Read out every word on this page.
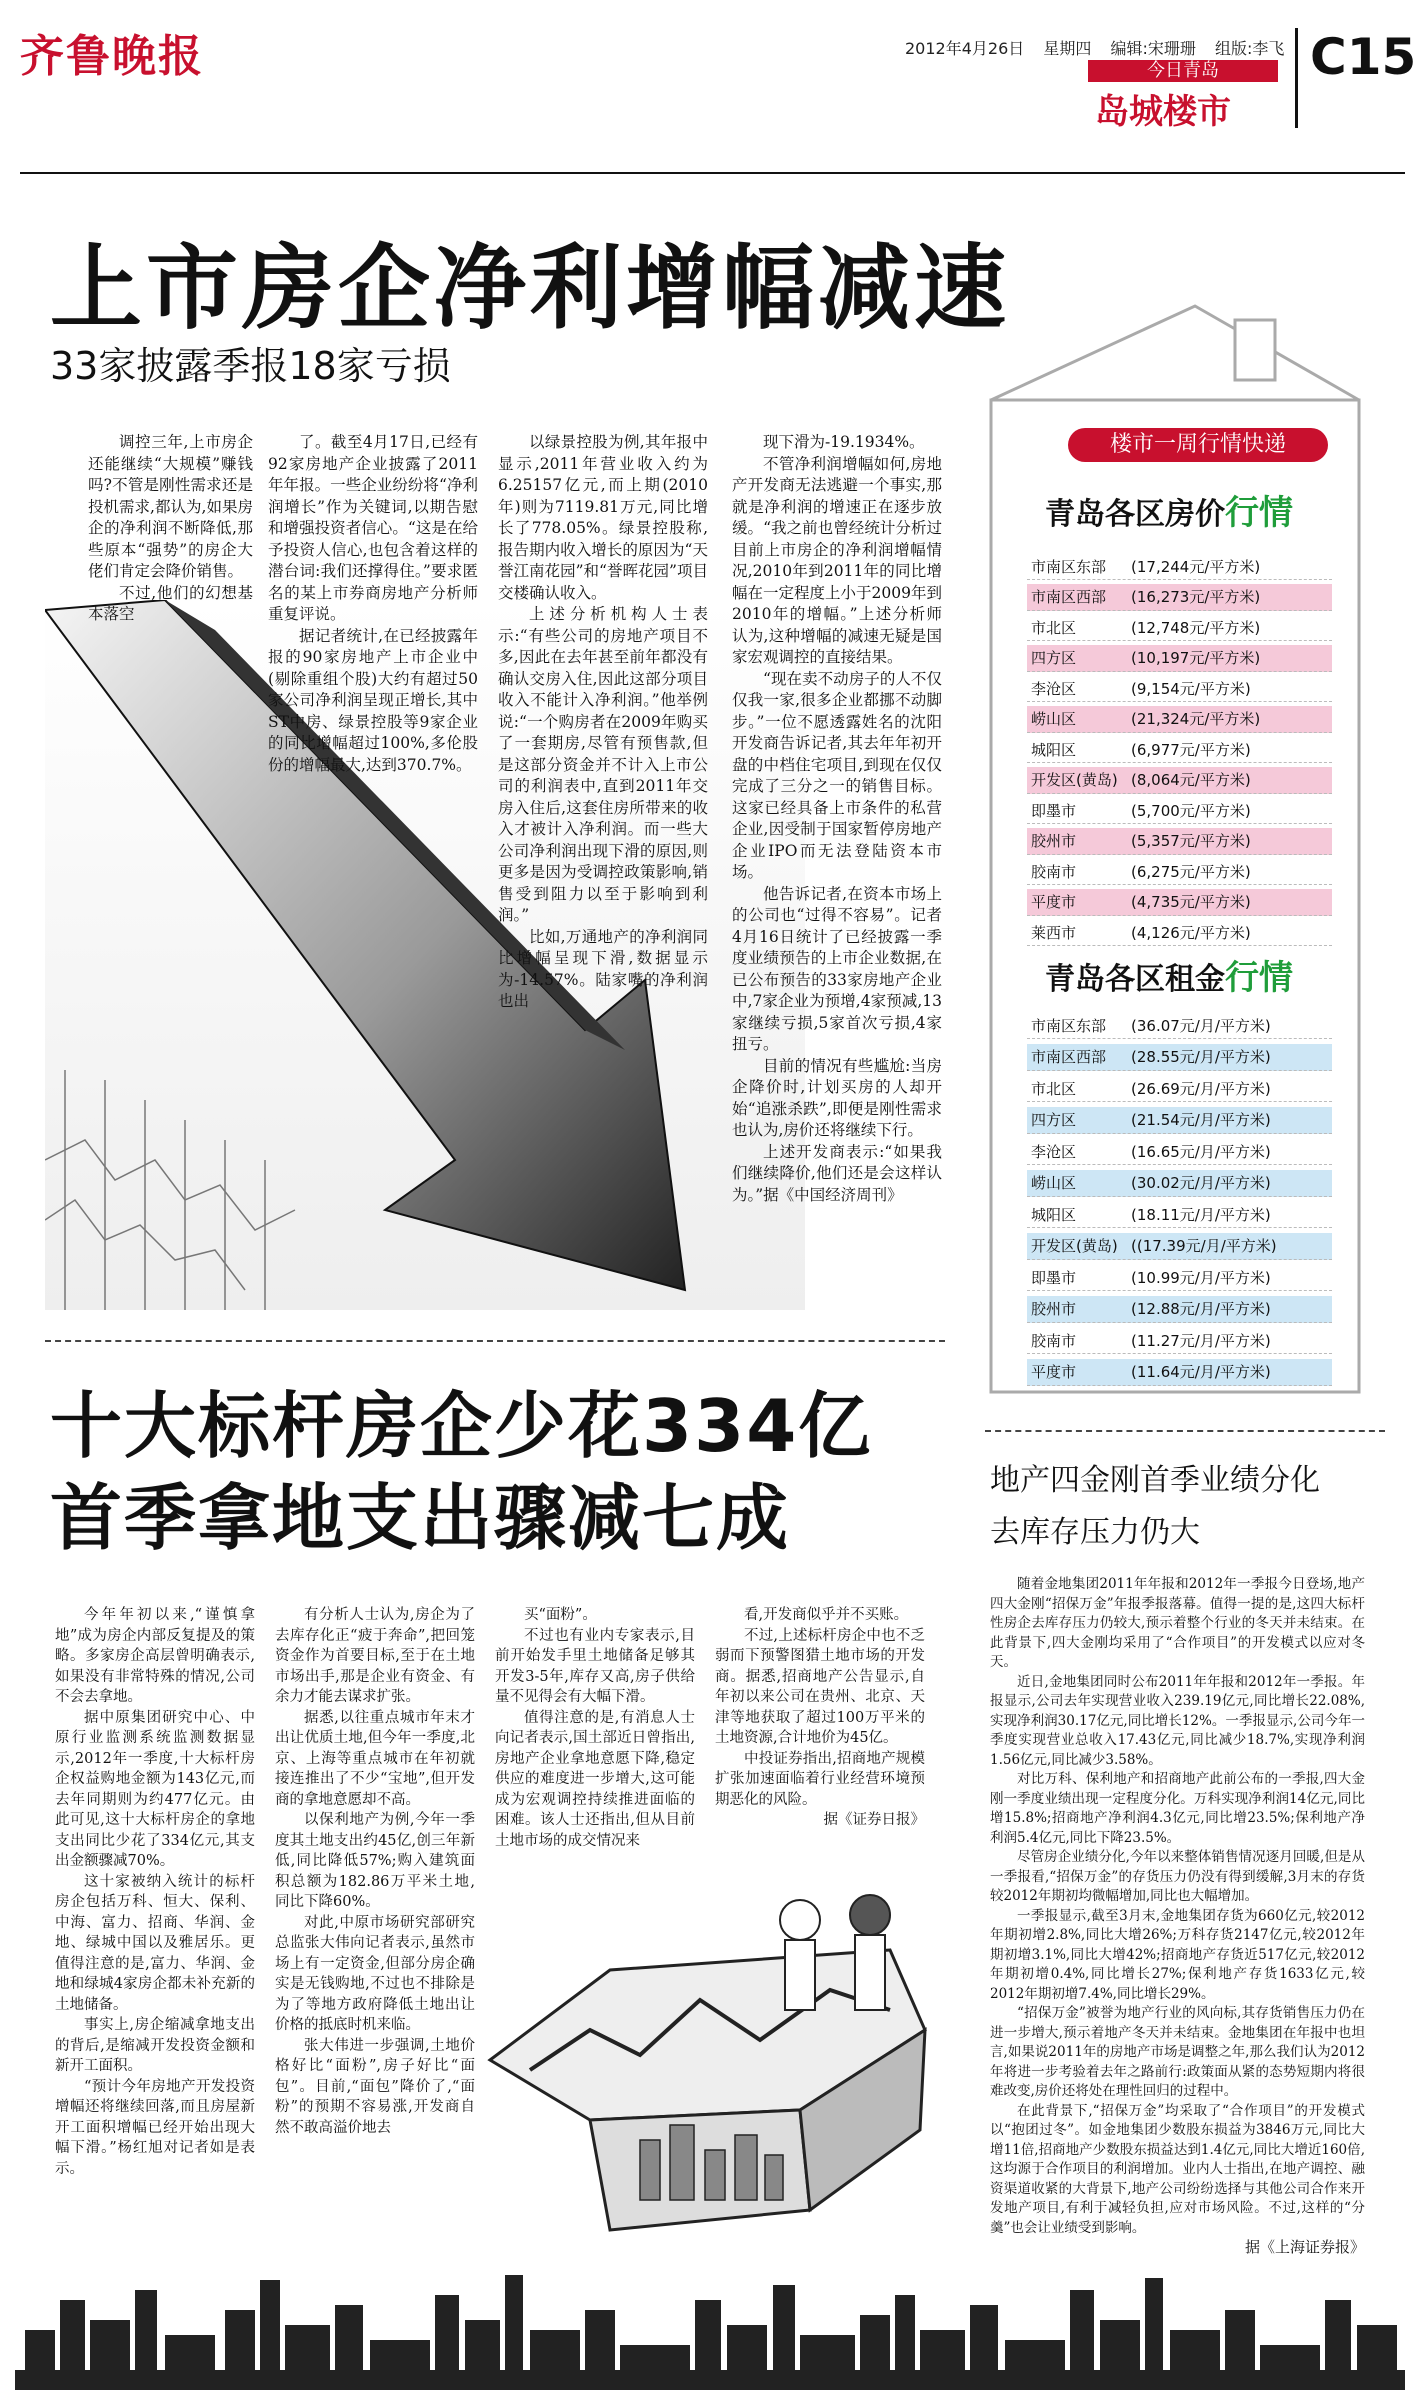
齐鲁晚报	2012年4月26日 星期四 编辑:宋珊珊 组版:李飞
今日青岛
岛城楼市
C15
上市房企净利增幅减速
33家披露季报18家亏损

调控三年,上市房企还能继续“大规模”赚钱吗?不管是刚性需求还是投机需求,都认为,如果房企的净利润不断降低,那些原本“强势”的房企大佬们肯定会降价销售。

不过,他们的幻想基本落空

了。截至4月17日,已经有92家房地产企业披露了2011年年报。一些企业纷纷将“净利润增长”作为关键词,以期告慰和增强投资者信心。“这是在给予投资人信心,也包含着这样的潜台词:我们还撑得住。”要求匿名的某上市券商房地产分析师重复评说。

据记者统计,在已经披露年报的90家房地产上市企业中(剔除重组个股)大约有超过50家公司净利润呈现正增长,其中ST中房、绿景控股等9家企业的同比增幅超过100%,多伦股份的增幅最大,达到370.7%。

以绿景控股为例,其年报中显示,2011年营业收入约为6.25157亿元,而上期(2010年)则为7119.81万元,同比增长了778.05%。绿景控股称,报告期内收入增长的原因为“天誉江南花园”和“誉晖花园”项目交楼确认收入。

上述分析机构人士表示:“有些公司的房地产项目不多,因此在去年甚至前年都没有确认交房入住,因此这部分项目收入不能计入净利润。”他举例说:“一个购房者在2009年购买了一套期房,尽管有预售款,但是这部分资金并不计入上市公司的利润表中,直到2011年交房入住后,这套住房所带来的收入才被计入净利润。而一些大公司净利润出现下滑的原因,则更多是因为受调控政策影响,销售受到阻力以至于影响到利润。”

比如,万通地产的净利润同比增幅呈现下滑,数据显示为-14.57%。陆家嘴的净利润也出

现下滑为-19.1934%。

不管净利润增幅如何,房地产开发商无法逃避一个事实,那就是净利润的增速正在逐步放缓。“我之前也曾经统计分析过目前上市房企的净利润增幅情况,2010年到2011年的同比增幅在一定程度上小于2009年到2010年的增幅。”上述分析师认为,这种增幅的减速无疑是国家宏观调控的直接结果。

“现在卖不动房子的人不仅仅我一家,很多企业都挪不动脚步。”一位不愿透露姓名的沈阳开发商告诉记者,其去年年初开盘的中档住宅项目,到现在仅仅完成了三分之一的销售目标。这家已经具备上市条件的私营企业,因受制于国家暂停房地产企业IPO而无法登陆资本市场。

他告诉记者,在资本市场上的公司也“过得不容易”。记者4月16日统计了已经披露一季度业绩预告的上市企业数据,在已公布预告的33家房地产企业中,7家企业为预增,4家预减,13家继续亏损,5家首次亏损,4家扭亏。

目前的情况有些尴尬:当房企降价时,计划买房的人却开始“追涨杀跌”,即便是刚性需求也认为,房价还将继续下行。

上述开发商表示:“如果我们继续降价,他们还是会这样认为。”据《中国经济周刊》

十大标杆房企少花334亿
首季拿地支出骤减七成

今年年初以来,“谨慎拿地”成为房企内部反复提及的策略。多家房企高层曾明确表示,如果没有非常特殊的情况,公司不会去拿地。

据中原集团研究中心、中原行业监测系统监测数据显示,2012年一季度,十大标杆房企权益购地金额为143亿元,而去年同期则为约477亿元。由此可见,这十大标杆房企的拿地支出同比少花了334亿元,其支出金额骤减70%。

这十家被纳入统计的标杆房企包括万科、恒大、保利、中海、富力、招商、华润、金地、绿城中国以及雅居乐。更值得注意的是,富力、华润、金地和绿城4家房企都未补充新的土地储备。

事实上,房企缩减拿地支出的背后,是缩减开发投资金额和新开工面积。

“预计今年房地产开发投资增幅还将继续回落,而且房屋新开工面积增幅已经开始出现大幅下滑。”杨红旭对记者如是表示。

有分析人士认为,房企为了去库存化正“疲于奔命”,把回笼资金作为首要目标,至于在土地市场出手,那是企业有资金、有余力才能去谋求扩张。

据悉,以往重点城市年末才出让优质土地,但今年一季度,北京、上海等重点城市在年初就接连推出了不少“宝地”,但开发商的拿地意愿却不高。

以保利地产为例,今年一季度其土地支出约45亿,创三年新低,同比降低57%;购入建筑面积总额为182.86万平米土地,同比下降60%。

对此,中原市场研究部研究总监张大伟向记者表示,虽然市场上有一定资金,但部分房企确实是无钱购地,不过也不排除是为了等地方政府降低土地出让价格的抵底时机来临。

张大伟进一步强调,土地价格好比“面粉”,房子好比“面包”。目前,“面包”降价了,“面粉”的预期不容易涨,开发商自然不敢高溢价地去

买“面粉”。

不过也有业内专家表示,目前开始发手里土地储备足够其开发3-5年,库存又高,房子供给量不见得会有大幅下滑。

值得注意的是,有消息人士向记者表示,国土部近日曾指出,房地产企业拿地意愿下降,稳定供应的难度进一步增大,这可能成为宏观调控持续推进面临的困难。该人士还指出,但从目前土地市场的成交情况来

看,开发商似乎并不买账。

不过,上述标杆房企中也不乏弱而下预警图猎土地市场的开发商。据悉,招商地产公告显示,自年初以来公司在贵州、北京、天津等地获取了超过100万平米的土地资源,合计地价为45亿。

中投证券指出,招商地产规模扩张加速面临着行业经营环境预期恶化的风险。

据《证券日报》

楼市一周行情快递
青岛各区房价行情
市南区东部	(17,244元/平方米)
市南区西部	(16,273元/平方米)
市北区	(12,748元/平方米)
四方区	(10,197元/平方米)
李沧区	(9,154元/平方米)
崂山区	(21,324元/平方米)
城阳区	(6,977元/平方米)
开发区(黄岛) (8,064元/平方米)
即墨市	(5,700元/平方米)
胶州市	(5,357元/平方米)
胶南市	(6,275元/平方米)
平度市	(4,735元/平方米)
莱西市	(4,126元/平方米)
青岛各区租金行情
市南区东部	(36.07元/月/平方米)
市南区西部	(28.55元/月/平方米)
市北区	(26.69元/月/平方米)
四方区	(21.54元/月/平方米)
李沧区	(16.65元/月/平方米)
崂山区	(30.02元/月/平方米)
城阳区	(18.11元/月/平方米)
开发区(黄岛) ((17.39元/月/平方米)
即墨市	(10.99元/月/平方米)
胶州市	(12.88元/月/平方米)
胶南市	(11.27元/月/平方米)
平度市	(11.64元/月/平方米)
地产四金刚首季业绩分化
去库存压力仍大

随着金地集团2011年年报和2012年一季报今日登场,地产四大金刚“招保万金”年报季报落幕。值得一提的是,这四大标杆性房企去库存压力仍较大,预示着整个行业的冬天并未结束。在此背景下,四大金刚均采用了“合作项目”的开发模式以应对冬天。

近日,金地集团同时公布2011年年报和2012年一季报。年报显示,公司去年实现营业收入239.19亿元,同比增长22.08%,实现净利润30.17亿元,同比增长12%。一季报显示,公司今年一季度实现营业总收入17.43亿元,同比减少18.7%,实现净利润1.56亿元,同比减少3.58%。

对比万科、保利地产和招商地产此前公布的一季报,四大金刚一季度业绩出现一定程度分化。万科实现净利润14亿元,同比增15.8%;招商地产净利润4.3亿元,同比增23.5%;保利地产净利润5.4亿元,同比下降23.5%。

尽管房企业绩分化,今年以来整体销售情况逐月回暖,但是从一季报看,“招保万金”的存货压力仍没有得到缓解,3月末的存货较2012年期初均微幅增加,同比也大幅增加。

一季报显示,截至3月末,金地集团存货为660亿元,较2012年期初增2.8%,同比大增26%;万科存货2147亿元,较2012年期初增3.1%,同比大增42%;招商地产存货近517亿元,较2012年期初增0.4%,同比增长27%;保利地产存货1633亿元,较2012年期初增7.4%,同比增长29%。

“招保万金”被誉为地产行业的风向标,其存货销售压力仍在进一步增大,预示着地产冬天并未结束。金地集团在年报中也坦言,如果说2011年的房地产市场是调整之年,那么我们认为2012年将进一步考验着去年之路前行:政策面从紧的态势短期内将很难改变,房价还将处在理性回归的过程中。

在此背景下,“招保万金”均采取了“合作项目”的开发模式以“抱团过冬”。如金地集团少数股东损益为3846万元,同比大增11倍,招商地产少数股东损益达到1.4亿元,同比大增近160倍,这均源于合作项目的利润增加。业内人士指出,在地产调控、融资渠道收紧的大背景下,地产公司纷纷选择与其他公司合作来开发地产项目,有利于减轻负担,应对市场风险。不过,这样的“分羹”也会让业绩受到影响。

据《上海证券报》
